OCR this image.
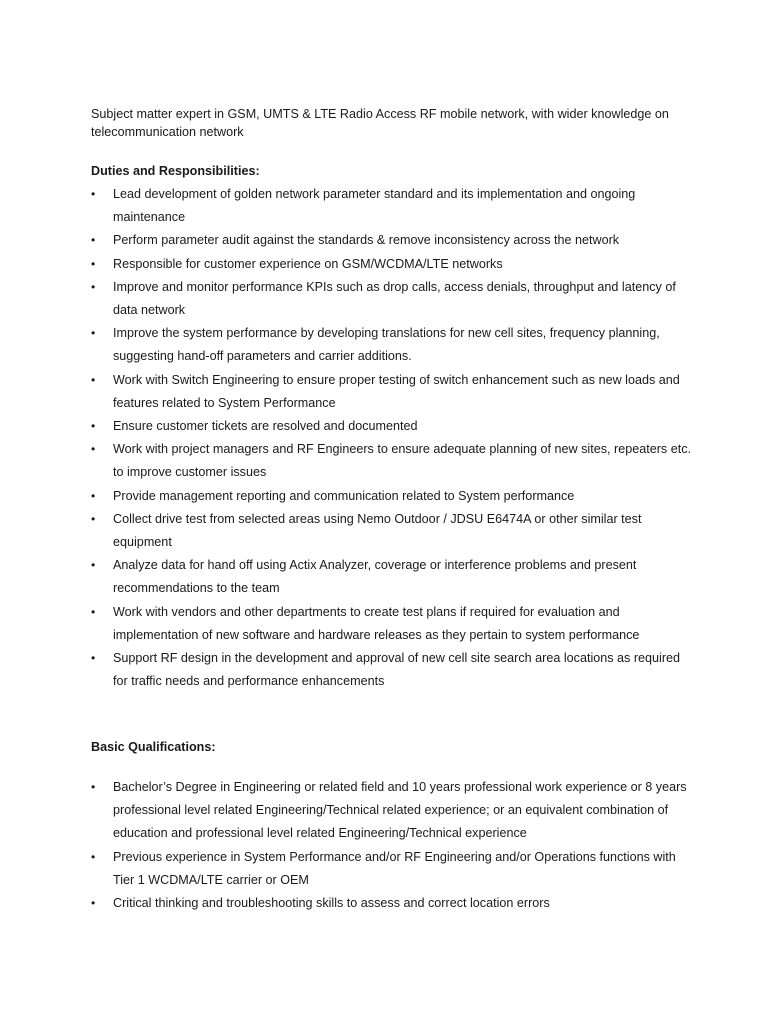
Subject matter expert in GSM, UMTS & LTE Radio Access RF mobile network, with wider knowledge on telecommunication network

Duties and Responsibilities:
•	Lead development of golden network parameter standard and its implementation and ongoing maintenance
•	Perform parameter audit against the standards & remove inconsistency across the network
•	Responsible for customer experience on GSM/WCDMA/LTE networks
•	Improve and monitor performance KPIs such as drop calls, access denials, throughput and latency of data network
•	Improve the system performance by developing translations for new cell sites, frequency planning, suggesting hand-off parameters and carrier additions.
•	Work with Switch Engineering to ensure proper testing of switch enhancement such as new loads and features related to System Performance
•	Ensure customer tickets are resolved and documented
•	Work with project managers and RF Engineers to ensure adequate planning of new sites, repeaters etc. to improve customer issues
•	Provide management reporting and communication related to System performance
•	Collect drive test from selected areas using Nemo Outdoor / JDSU E6474A or other similar test equipment
•	Analyze data for hand off using Actix Analyzer, coverage or interference problems and present recommendations to the team
•	Work with vendors and other departments to create test plans if required for evaluation and implementation of new software and hardware releases as they pertain to system performance
•	Support RF design in the development and approval of new cell site search area locations as required for traffic needs and performance enhancements
Basic Qualifications:
•	Bachelor’s Degree in Engineering or related field and 10 years professional work experience or 8 years professional level related Engineering/Technical related experience; or an equivalent combination of education and professional level related Engineering/Technical experience
•	Previous experience in System Performance and/or RF Engineering and/or Operations functions with Tier 1 WCDMA/LTE carrier or OEM
•	Critical thinking and troubleshooting skills to assess and correct location errors
